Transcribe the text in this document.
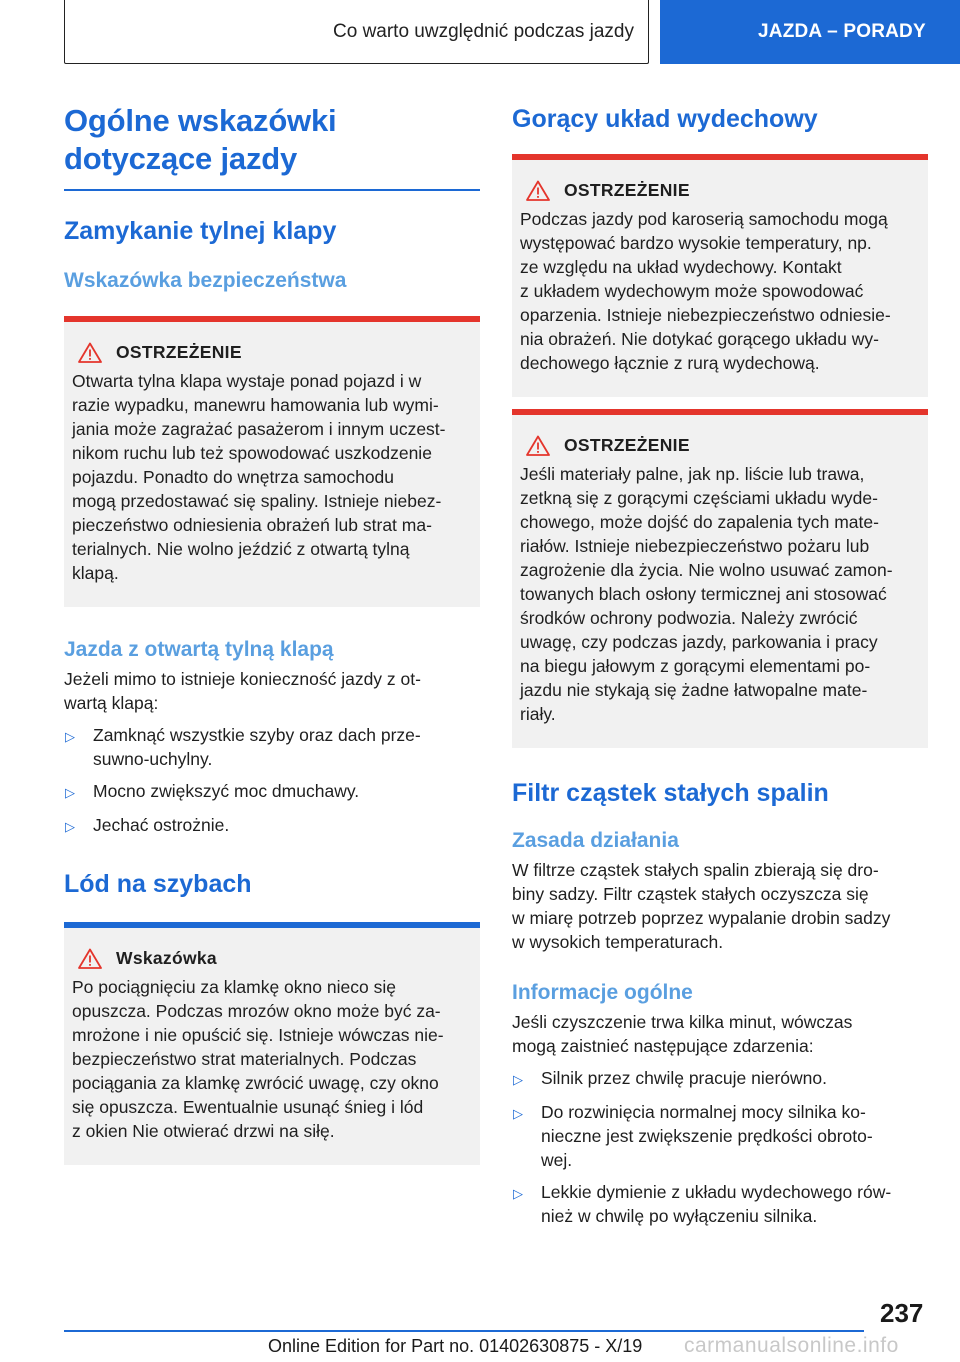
Co warto uwzględnić podczas jazdy	JAZDA – PORADY
Ogólne wskazówki
dotyczące jazdy
Zamykanie tylnej klapy
Wskazówka bezpieczeństwa
OSTRZEŻENIE
Otwarta tylna klapa wystaje ponad pojazd i w
razie wypadku, manewru hamowania lub wymi-
jania może zagrażać pasażerom i innym uczest-
nikom ruchu lub też spowodować uszkodzenie
pojazdu. Ponadto do wnętrza samochodu
mogą przedostawać się spaliny. Istnieje niebez-
pieczeństwo odniesienia obrażeń lub strat ma-
terialnych. Nie wolno jeździć z otwartą tylną
klapą.
Jazda z otwartą tylną klapą

Jeżeli mimo to istnieje konieczność jazdy z ot-
wartą klapą:

▷	Zamknąć wszystkie szyby oraz dach prze-
suwno-uchylny.
▷	Mocno zwiększyć moc dmuchawy.
▷	Jechać ostrożnie.
Lód na szybach
Wskazówka
Po pociągnięciu za klamkę okno nieco się
opuszcza. Podczas mrozów okno może być za-
mrożone i nie opuścić się. Istnieje wówczas nie-
bezpieczeństwo strat materialnych. Podczas
pociągania za klamkę zwrócić uwagę, czy okno
się opuszcza. Ewentualnie usunąć śnieg i lód
z okien Nie otwierać drzwi na siłę.
Gorący układ wydechowy
OSTRZEŻENIE
Podczas jazdy pod karoserią samochodu mogą
występować bardzo wysokie temperatury, np.
ze względu na układ wydechowy. Kontakt
z układem wydechowym może spowodować
oparzenia. Istnieje niebezpieczeństwo odniesie-
nia obrażeń. Nie dotykać gorącego układu wy-
dechowego łącznie z rurą wydechową.
OSTRZEŻENIE
Jeśli materiały palne, jak np. liście lub trawa,
zetkną się z gorącymi częściami układu wyde-
chowego, może dojść do zapalenia tych mate-
riałów. Istnieje niebezpieczeństwo pożaru lub
zagrożenie dla życia. Nie wolno usuwać zamon-
towanych blach osłony termicznej ani stosować
środków ochrony podwozia. Należy zwrócić
uwagę, czy podczas jazdy, parkowania i pracy
na biegu jałowym z gorącymi elementami po-
jazdu nie stykają się żadne łatwopalne mate-
riały.
Filtr cząstek stałych spalin
Zasada działania

W filtrze cząstek stałych spalin zbierają się dro-
biny sadzy. Filtr cząstek stałych oczyszcza się
w miarę potrzeb poprzez wypalanie drobin sadzy
w wysokich temperaturach.

Informacje ogólne

Jeśli czyszczenie trwa kilka minut, wówczas
mogą zaistnieć następujące zdarzenia:

▷	Silnik przez chwilę pracuje nierówno.
▷	Do rozwinięcia normalnej mocy silnika ko-
nieczne jest zwiększenie prędkości obroto-
wej.
▷	Lekkie dymienie z układu wydechowego rów-
nież w chwilę po wyłączeniu silnika.
237
Online Edition for Part no. 01402630875 - X/19 carmanualsonline.info
